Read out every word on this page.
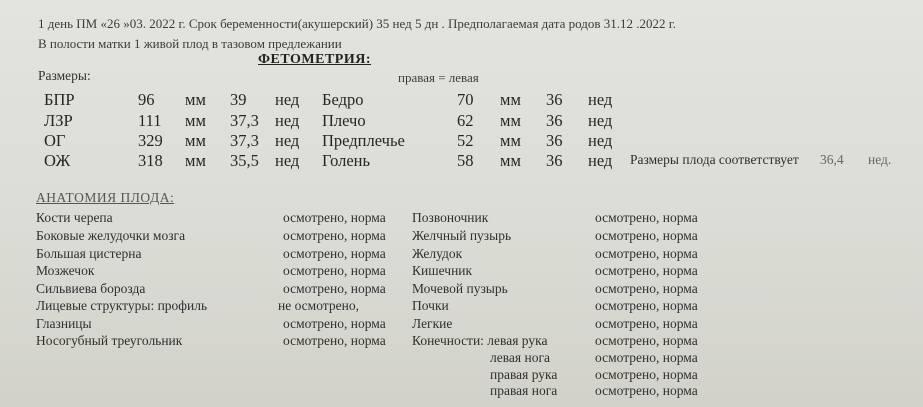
1 день ПМ «26 »03. 2022 г. Срок беременности(акушерский) 35 нед 5 дн . Предполагаемая дата родов 31.12 .2022 г.
В полости матки 1 живой плод в тазовом предлежании
ФЕТОМЕТРИЯ:
Размеры:	правая = левая
БПР	96 мм 39 нед
ЛЗР	111 мм 37,3 нед
ОГ	329 мм 37,3 нед
ОЖ	318 мм 35,5 нед
Бедро	70 мм 36 нед
Плечо	62 мм 36 нед
Предплечье	52 мм 36 нед
Голень	58 мм 36 нед Размеры плода соответствует 36,4 нед.
АНАТОМИЯ ПЛОДА:
Кости черепа	осмотрено, норма
Боковые желудочки мозга	осмотрено, норма
Большая цистерна	осмотрено, норма
Мозжечок	осмотрено, норма
Сильвиева борозда	осмотрено, норма
Лицевые структуры: профиль	не осмотрено,
Глазницы	осмотрено, норма
Носогубный треугольник	осмотрено, норма
Позвоночник	осмотрено, норма
Желчный пузырь	осмотрено, норма
Желудок	осмотрено, норма
Кишечник	осмотрено, норма
Мочевой пузырь	осмотрено, норма
Почки	осмотрено, норма
Легкие	осмотрено, норма
Конечности: левая рука	осмотрено, норма
левая нога	осмотрено, норма
правая рука	осмотрено, норма
правая нога	осмотрено, норма
